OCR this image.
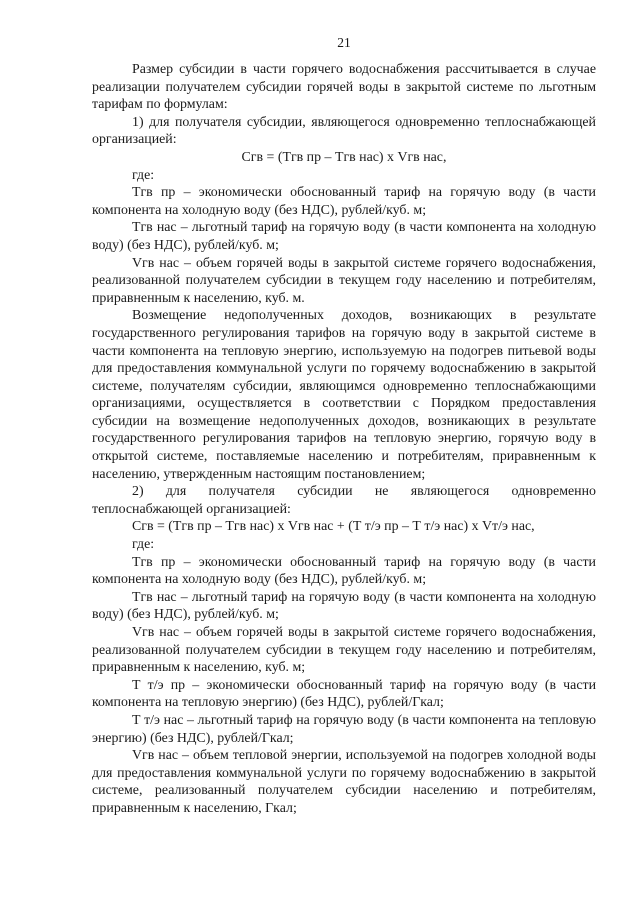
21

Размер субсидии в части горячего водоснабжения рассчитывается в случае реализации получателем субсидии горячей воды в закрытой системе по льготным тарифам по формулам:

1) для получателя субсидии, являющегося одновременно теплоснабжающей организацией:

Сгв = (Тгв пр – Тгв нас) х Vгв нас,

где:

Тгв пр – экономически обоснованный тариф на горячую воду (в части компонента на холодную воду (без НДС), рублей/куб. м;

Тгв нас – льготный тариф на горячую воду (в части компонента на холодную воду) (без НДС), рублей/куб. м;

Vгв нас – объем горячей воды в закрытой системе горячего водоснабжения, реализованной получателем субсидии в текущем году населению и потребителям, приравненным к населению, куб. м.

Возмещение недополученных доходов, возникающих в результате государственного регулирования тарифов на горячую воду в закрытой системе в части компонента на тепловую энергию, используемую на подогрев питьевой воды для предоставления коммунальной услуги по горячему водоснабжению в закрытой системе, получателям субсидии, являющимся одновременно теплоснабжающими организациями, осуществляется в соответствии с Порядком предоставления субсидии на возмещение недополученных доходов, возникающих в результате государственного регулирования тарифов на тепловую энергию, горячую воду в открытой системе, поставляемые населению и потребителям, приравненным к населению, утвержденным настоящим постановлением;

2) для получателя субсидии не являющегося одновременно теплоснабжающей организацией:

Сгв = (Тгв пр – Тгв нас) х Vгв нас + (Т т/э пр – Т т/э нас) х Vт/э нас,

где:

Тгв пр – экономически обоснованный тариф на горячую воду (в части компонента на холодную воду (без НДС), рублей/куб. м;

Тгв нас – льготный тариф на горячую воду (в части компонента на холодную воду) (без НДС), рублей/куб. м;

Vгв нас – объем горячей воды в закрытой системе горячего водоснабжения, реализованной получателем субсидии в текущем году населению и потребителям, приравненным к населению, куб. м;

Т т/э пр – экономически обоснованный тариф на горячую воду (в части компонента на тепловую энергию) (без НДС), рублей/Гкал;

Т т/э нас – льготный тариф на горячую воду (в части компонента на тепловую энергию) (без НДС), рублей/Гкал;

Vгв нас – объем тепловой энергии, используемой на подогрев холодной воды для предоставления коммунальной услуги по горячему водоснабжению в закрытой системе, реализованный получателем субсидии населению и потребителям, приравненным к населению, Гкал;
